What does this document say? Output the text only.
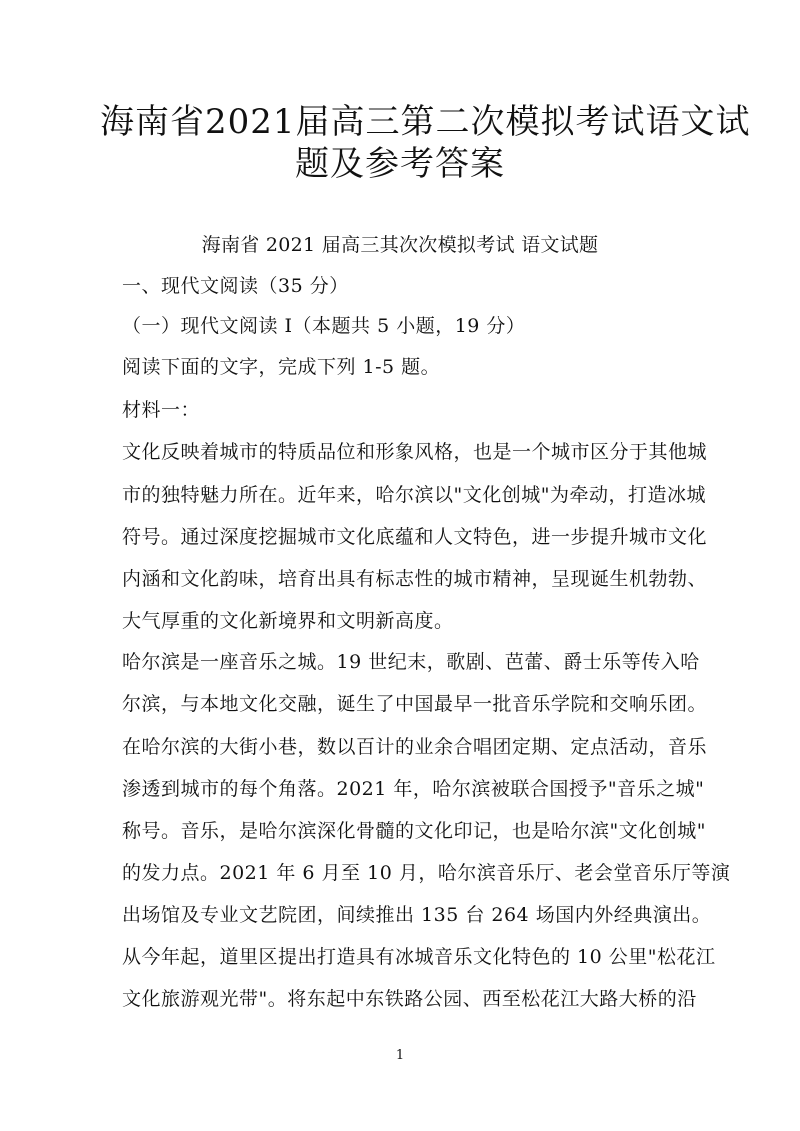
海南省2021届高三第二次模拟考试语文试
题及参考答案
海南省 2021 届高三其次次模拟考试 语文试题
一、现代文阅读（35 分）
（一）现代文阅读 I（本题共 5 小题，19 分）
阅读下面的文字，完成下列 1-5 题。
材料一：
文化反映着城市的特质品位和形象风格，也是一个城市区分于其他城
市的独特魅力所在。近年来，哈尔滨以"文化创城"为牵动，打造冰城
符号。通过深度挖掘城市文化底蕴和人文特色，进一步提升城市文化
内涵和文化韵味，培育出具有标志性的城市精神，呈现诞生机勃勃、
大气厚重的文化新境界和文明新高度。
哈尔滨是一座音乐之城。19 世纪末，歌剧、芭蕾、爵士乐等传入哈
尔滨，与本地文化交融，诞生了中国最早一批音乐学院和交响乐团。
在哈尔滨的大街小巷，数以百计的业余合唱团定期、定点活动，音乐
渗透到城市的每个角落。2021 年，哈尔滨被联合国授予"音乐之城"
称号。音乐，是哈尔滨深化骨髓的文化印记，也是哈尔滨"文化创城"
的发力点。2021 年 6 月至 10 月，哈尔滨音乐厅、老会堂音乐厅等演
出场馆及专业文艺院团，间续推出 135 台 264 场国内外经典演出。
从今年起，道里区提出打造具有冰城音乐文化特色的 10 公里"松花江
文化旅游观光带"。将东起中东铁路公园、西至松花江大路大桥的沿
1
